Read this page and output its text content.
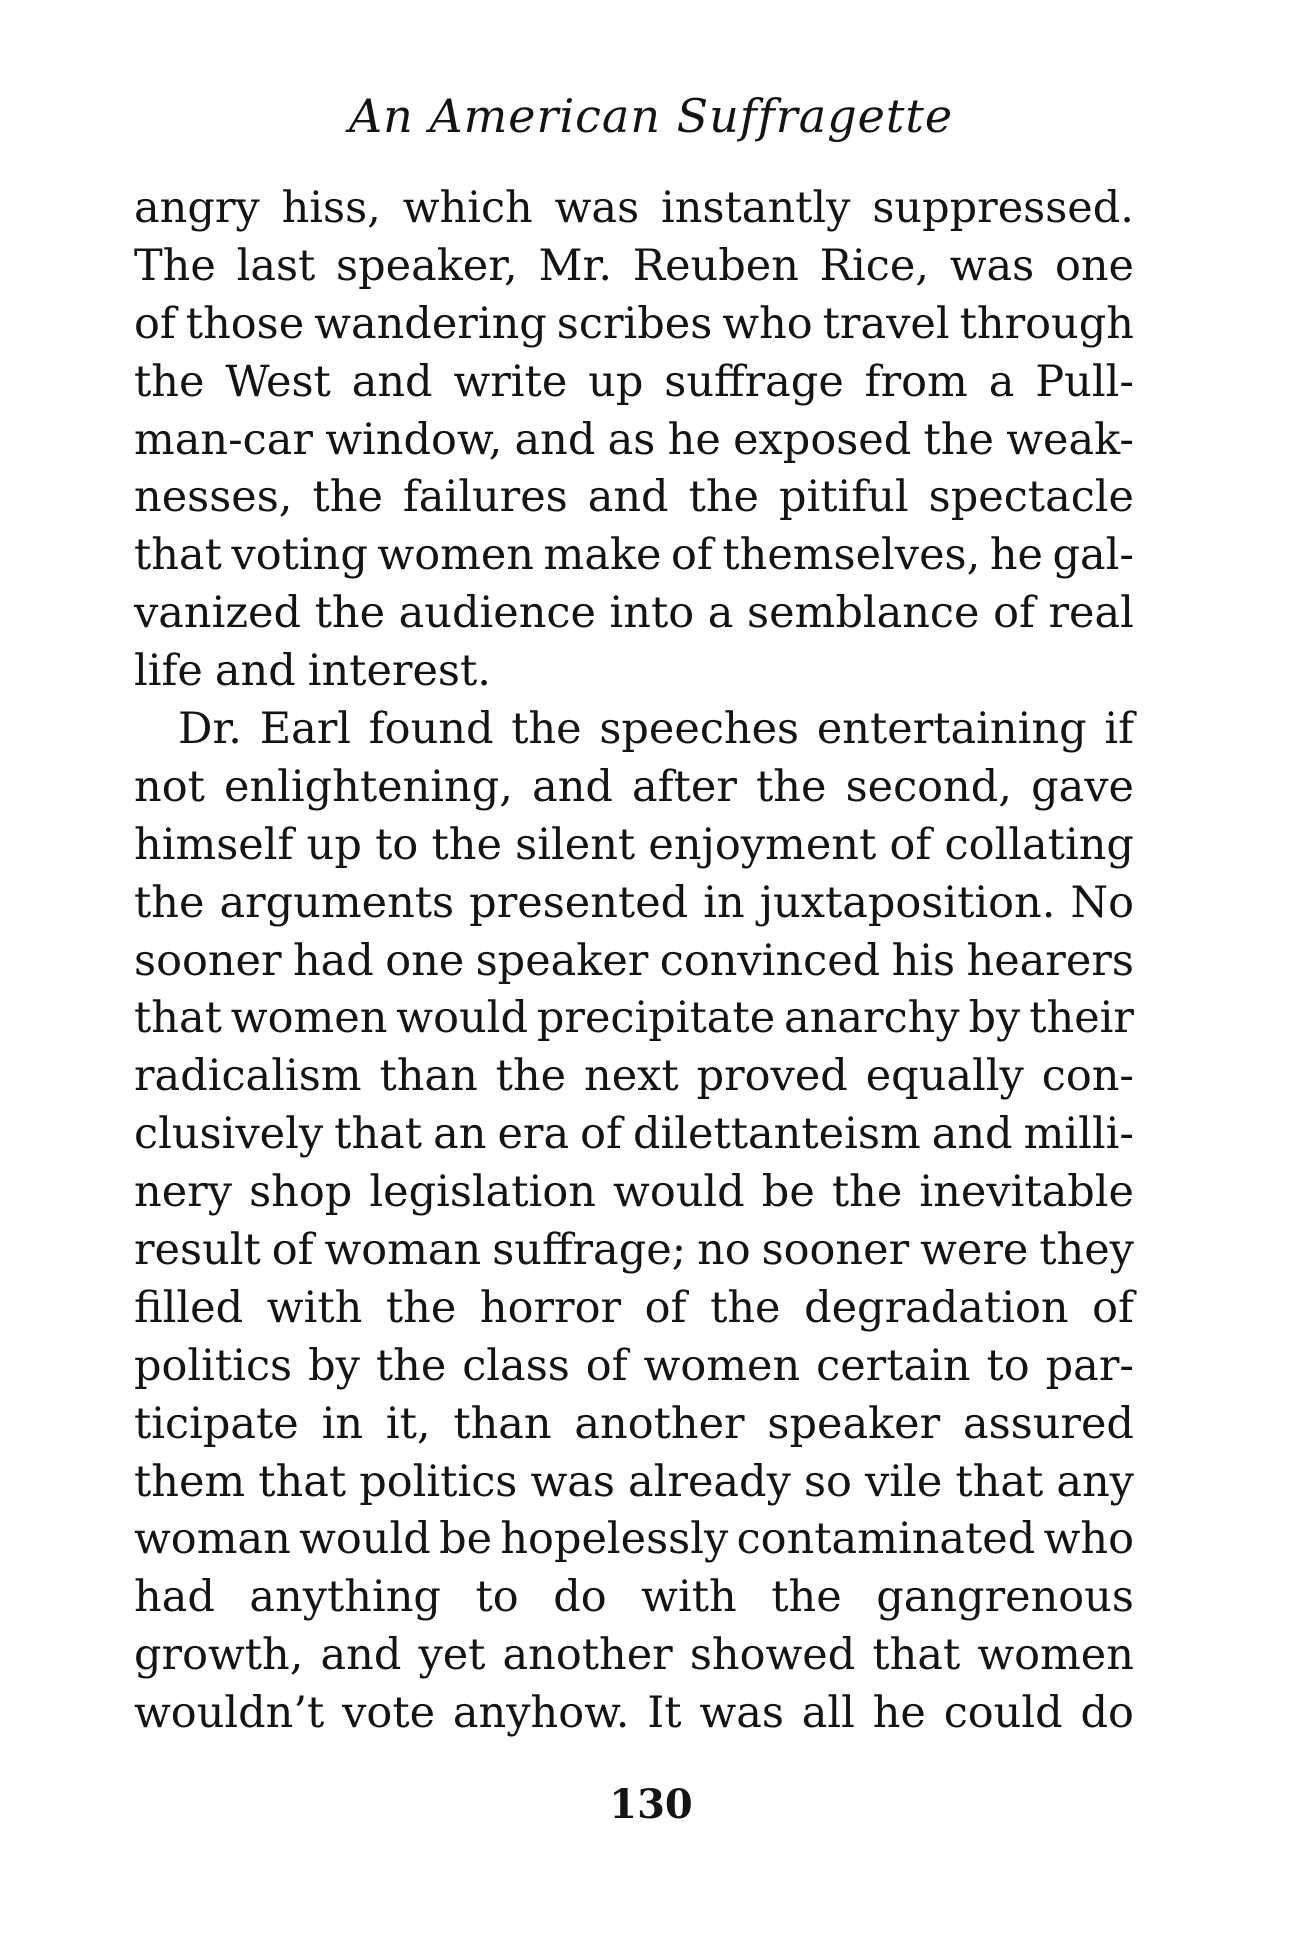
An American Suffragette
angry hiss, which was instantly suppressed.
The last speaker, Mr. Reuben Rice, was one
of those wandering scribes who travel through
the West and write up suffrage from a Pull-
man-car window, and as he exposed the weak-
nesses, the failures and the pitiful spectacle
that voting women make of themselves, he gal-
vanized the audience into a semblance of real
life and interest.
Dr. Earl found the speeches entertaining if
not enlightening, and after the second, gave
himself up to the silent enjoyment of collating
the arguments presented in juxtaposition. No
sooner had one speaker convinced his hearers
that women would precipitate anarchy by their
radicalism than the next proved equally con-
clusively that an era of dilettanteism and milli-
nery shop legislation would be the inevitable
result of woman suffrage; no sooner were they
filled with the horror of the degradation of
politics by the class of women certain to par-
ticipate in it, than another speaker assured
them that politics was already so vile that any
woman would be hopelessly contaminated who
had anything to do with the gangrenous
growth, and yet another showed that women
wouldn’t vote anyhow. It was all he could do
130
